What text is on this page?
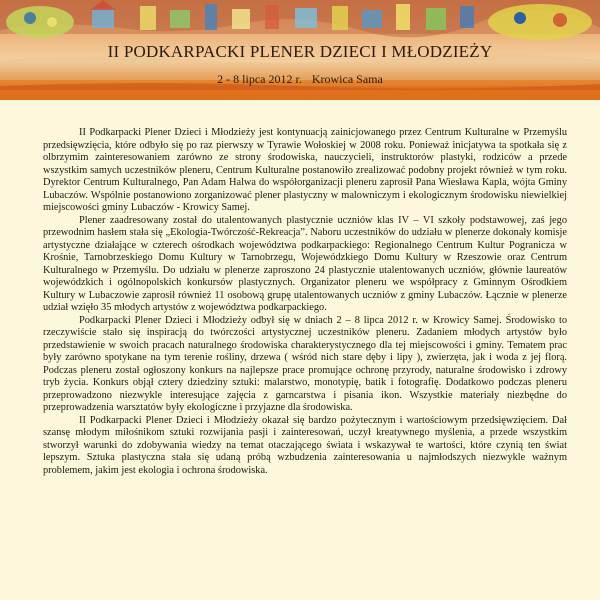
II PODKARPACKI PLENER DZIECI I MŁODZIEŻY
2 - 8 lipca 2012 r. Krowica Sama

II Podkarpacki Plener Dzieci i Młodzieży jest kontynuacją zainicjowanego przez Centrum Kulturalne w Przemyślu przedsięwzięcia, które odbyło się po raz pierwszy w Tyrawie Wołoskiej w 2008 roku. Ponieważ inicjatywa ta spotkała się z olbrzymim zainteresowaniem zarówno ze strony środowiska, nauczycieli, instruktorów plastyki, rodziców a przede wszystkim samych uczestników pleneru, Centrum Kulturalne postanowiło zrealizować podobny projekt również w tym roku. Dyrektor Centrum Kulturalnego, Pan Adam Halwa do współorganizacji pleneru zaprosił Pana Wiesława Kapla, wójta Gminy Lubaczów. Wspólnie postanowiono zorganizować plener plastyczny w malowniczym i ekologicznym środowisku niewielkiej miejscowości gminy Lubaczów - Krowicy Samej.

Plener zaadresowany został do utalentowanych plastycznie uczniów klas IV – VI szkoły podstawowej, zaś jego przewodnim hasłem stała się „Ekologia-Twórczość-Rekreacja”. Naboru uczestników do udziału w plenerze dokonały komisje artystyczne działające w czterech ośrodkach województwa podkarpackiego: Regionalnego Centrum Kultur Pogranicza w Krośnie, Tarnobrzeskiego Domu Kultury w Tarnobrzegu, Wojewódzkiego Domu Kultury w Rzeszowie oraz Centrum Kulturalnego w Przemyślu. Do udziału w plenerze zaproszono 24 plastycznie utalentowanych uczniów, głównie laureatów wojewódzkich i ogólnopolskich konkursów plastycznych. Organizator pleneru we współpracy z Gminnym Ośrodkiem Kultury w Lubaczowie zaprosił również 11 osobową grupę utalentowanych uczniów z gminy Lubaczów. Łącznie w plenerze udział wzięło 35 młodych artystów z województwa podkarpackiego.

Podkarpacki Plener Dzieci i Młodzieży odbył się w dniach 2 – 8 lipca 2012 r. w Krowicy Samej. Środowisko to rzeczywiście stało się inspiracją do twórczości artystycznej uczestników pleneru. Zadaniem młodych artystów było przedstawienie w swoich pracach naturalnego środowiska charakterystycznego dla tej miejscowości i gminy. Tematem prac były zarówno spotykane na tym terenie rośliny, drzewa ( wśród nich stare dęby i lipy ), zwierzęta, jak i woda z jej florą. Podczas pleneru został ogłoszony konkurs na najlepsze prace promujące ochronę przyrody, naturalne środowisko i zdrowy tryb życia. Konkurs objął cztery dziedziny sztuki: malarstwo, monotypię, batik i fotografię. Dodatkowo podczas pleneru przeprowadzono niezwykle interesujące zajęcia z garncarstwa i pisania ikon. Wszystkie materiały niezbędne do przeprowadzenia warsztatów były ekologiczne i przyjazne dla środowiska.

II Podkarpacki Plener Dzieci i Młodzieży okazał się bardzo pożytecznym i wartościowym przedsięwzięciem. Dał szansę młodym miłośnikom sztuki rozwijania pasji i zainteresowań, uczył kreatywnego myślenia, a przede wszystkim stworzył warunki do zdobywania wiedzy na temat otaczającego świata i wskazywał te wartości, które czynią ten świat lepszym. Sztuka plastyczna stała się udaną próbą wzbudzenia zainteresowania u najmłodszych niezwykle ważnym problemem, jakim jest ekologia i ochrona środowiska.
